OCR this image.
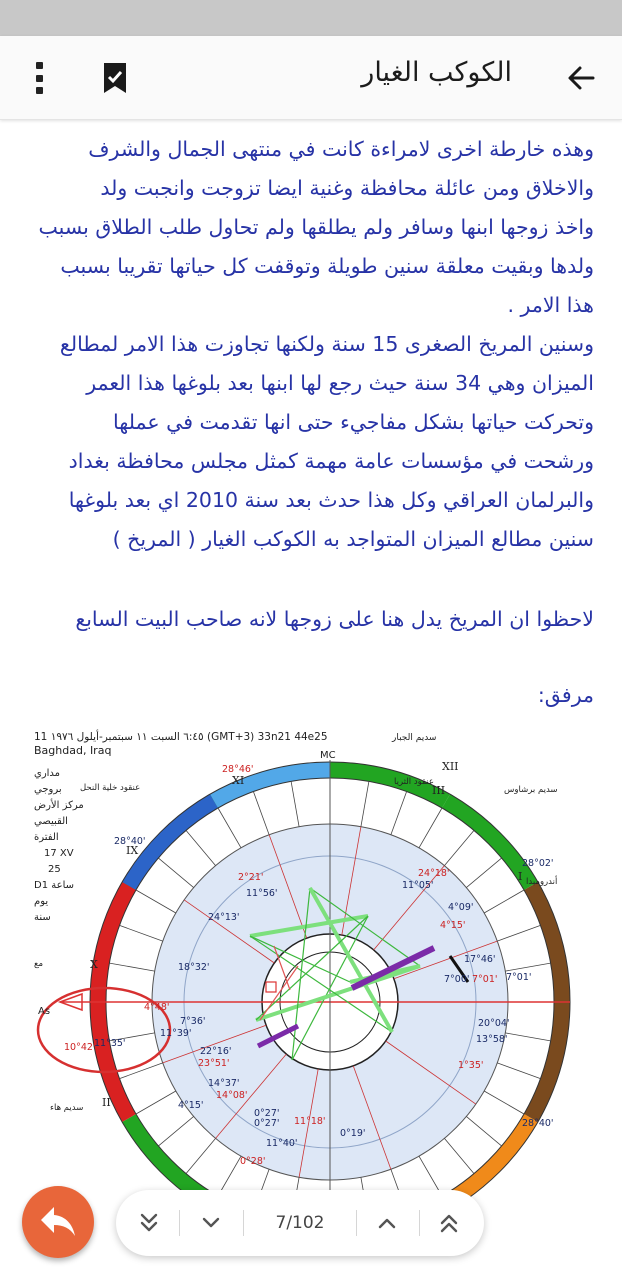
الكوكب الغيار
وهذه خارطة اخرى لامراءة كانت في منتهى الجمال والشرف
والاخلاق ومن عائلة محافظة وغنية ايضا تزوجت وانجبت ولد
واخذ زوجها ابنها وسافر ولم يطلقها ولم تحاول طلب الطلاق بسبب
ولدها وبقيت معلقة سنين طويلة وتوقفت كل حياتها تقريبا بسبب
هذا الامر .
وسنين المريخ الصغرى 15 سنة ولكنها تجاوزت هذا الامر لمطالع
الميزان وهي 34 سنة حيث رجع لها ابنها بعد بلوغها هذا العمر
وتحركت حياتها بشكل مفاجيء حتى انها تقدمت في عملها
ورشحت في مؤسسات عامة مهمة كمثل مجلس محافظة بغداد
والبرلمان العراقي وكل هذا حدث بعد سنة 2010 اي بعد بلوغها
سنين مطالع الميزان المتواجد به الكوكب الغيار ( المريخ )
لاحظوا ان المريخ يدل هنا على زوجها لانه صاحب البيت السابع
مرفق:
11 ٦:٤٥ السبت ١١ سبتمبر-أيلول ١٩٧٦ (GMT+3) 33n21 44e25
Baghdad, Iraq
سديم الجبار
مداري
بروجي
مركز الأرض
القبيصي
الفترة
17 XV
25
D1 ساعة
يوم
سنة
28°46'
28°40'
28°02'
2°21'
11°56'
24°13'
24°18'
11°05'
4°09'
4°15'
17°46'
7°00' 7°01' 7°01'
18°32'
4°48'
7°36'
11°39'
10°42'
11°35'
22°16'
23°51'
14°37'
4°15'
14°08'
20°04'
13°58'
1°35'
0°27'
0°27' 11°18'
0°19'
11°40'
0°28'
28°40'
XI
X
IX
XII
I
II
III
عنقود خلية النحل
عنقود الثريا
سديم برشاوس
أندروميدا
سديم هاء
مع
MC
As
7/102
